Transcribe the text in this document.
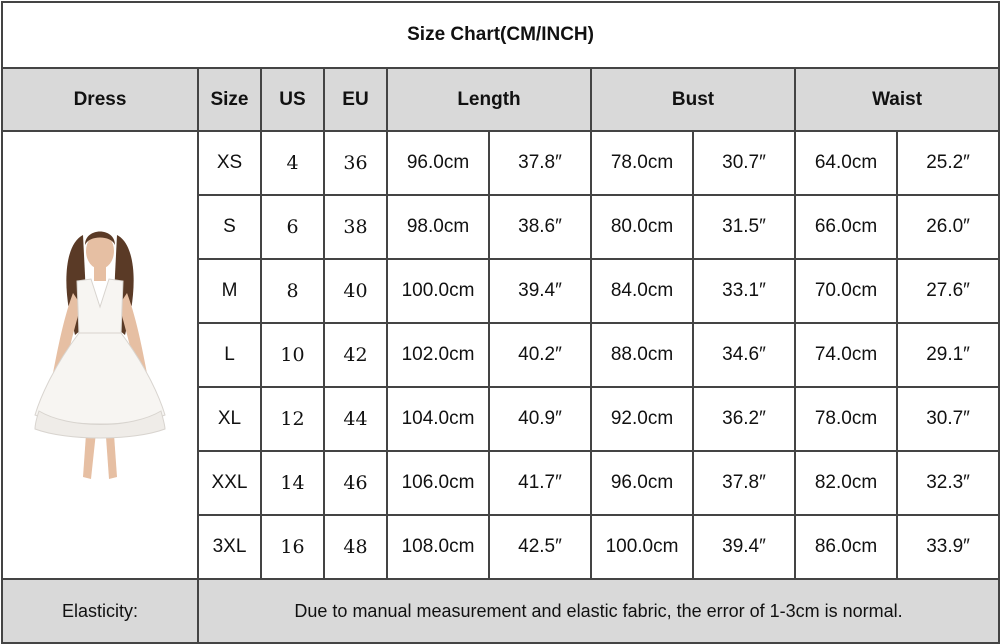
Size Chart(CM/INCH)									
Dress	Size	US	EU	Length		Bust		Waist	

	XS	4	36	96.0cm	37.8″	78.0cm	30.7″	64.0cm	25.2″
	S	6	38	98.0cm	38.6″	80.0cm	31.5″	66.0cm	26.0″
	M	8	40	100.0cm	39.4″	84.0cm	33.1″	70.0cm	27.6″
	L	10	42	102.0cm	40.2″	88.0cm	34.6″	74.0cm	29.1″
	XL	12	44	104.0cm	40.9″	92.0cm	36.2″	78.0cm	30.7″
	XXL	14	46	106.0cm	41.7″	96.0cm	37.8″	82.0cm	32.3″
	3XL	16	48	108.0cm	42.5″	100.0cm	39.4″	86.0cm	33.9″
Elasticity:	Due to manual measurement and elastic fabric, the error of 1-3cm is normal.								
